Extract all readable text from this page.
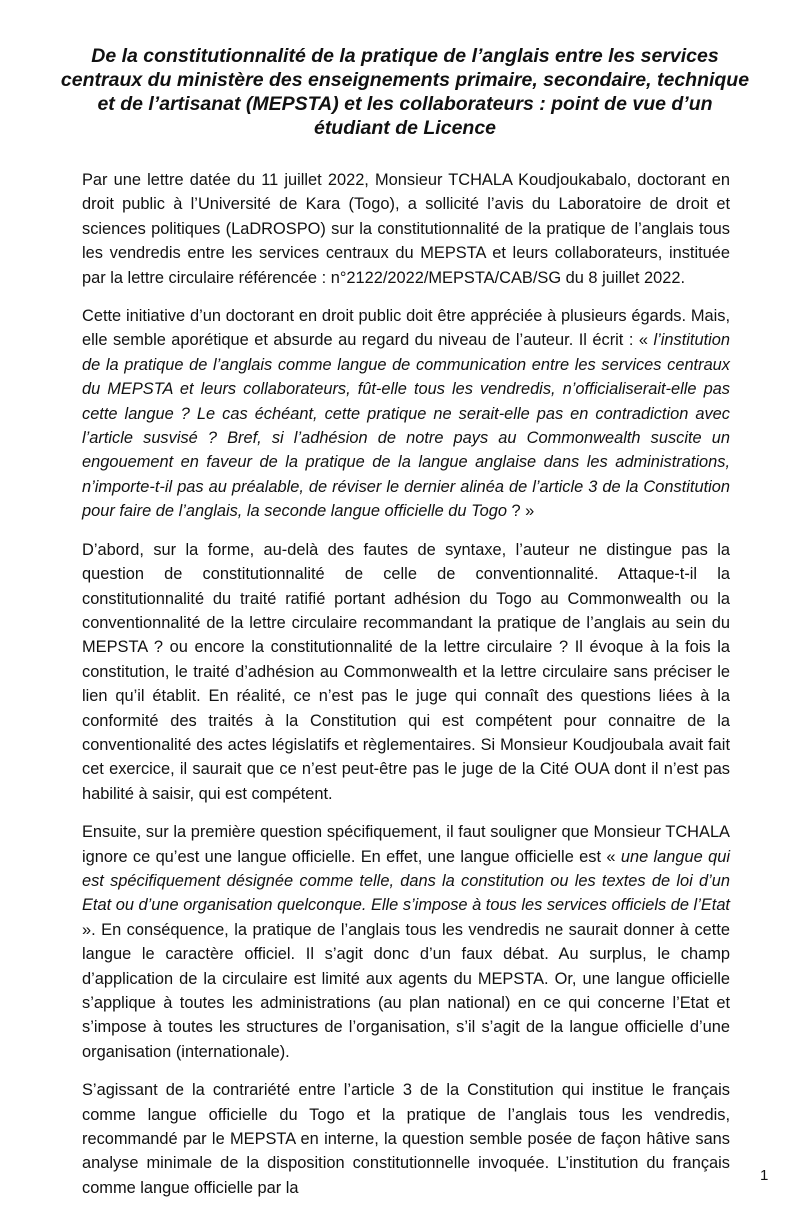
De la constitutionnalité de la pratique de l’anglais entre les services centraux du ministère des enseignements primaire, secondaire, technique et de l’artisanat (MEPSTA) et les collaborateurs : point de vue d’un étudiant de Licence

Par une lettre datée du 11 juillet 2022, Monsieur TCHALA Koudjoukabalo, doctorant en droit public à l’Université de Kara (Togo), a sollicité l’avis du Laboratoire de droit et sciences politiques (LaDROSPO) sur la constitutionnalité de la pratique de l’anglais tous les vendredis entre les services centraux du MEPSTA et leurs collaborateurs, instituée par la lettre circulaire référencée : n°2122/2022/MEPSTA/CAB/SG du 8 juillet 2022.

Cette initiative d’un doctorant en droit public doit être appréciée à plusieurs égards. Mais, elle semble aporétique et absurde au regard du niveau de l’auteur. Il écrit : « l’institution de la pratique de l’anglais comme langue de communication entre les services centraux du MEPSTA et leurs collaborateurs, fût-elle tous les vendredis, n’officialiserait-elle pas cette langue ? Le cas échéant, cette pratique ne serait-elle pas en contradiction avec l’article susvisé ? Bref, si l’adhésion de notre pays au Commonwealth suscite un engouement en faveur de la pratique de la langue anglaise dans les administrations, n’importe-t-il pas au préalable, de réviser le dernier alinéa de l’article 3 de la Constitution pour faire de l’anglais, la seconde langue officielle du Togo ? »

D’abord, sur la forme, au-delà des fautes de syntaxe, l’auteur ne distingue pas la question de constitutionnalité de celle de conventionnalité. Attaque-t-il la constitutionnalité du traité ratifié portant adhésion du Togo au Commonwealth ou la conventionnalité de la lettre circulaire recommandant la pratique de l’anglais au sein du MEPSTA ? ou encore la constitutionnalité de la lettre circulaire ? Il évoque à la fois la constitution, le traité d’adhésion au Commonwealth et la lettre circulaire sans préciser le lien qu’il établit. En réalité, ce n’est pas le juge qui connaît des questions liées à la conformité des traités à la Constitution qui est compétent pour connaitre de la conventionalité des actes législatifs et règlementaires. Si Monsieur Koudjoubala avait fait cet exercice, il saurait que ce n’est peut-être pas le juge de la Cité OUA dont il n’est pas habilité à saisir, qui est compétent.

Ensuite, sur la première question spécifiquement, il faut souligner que Monsieur TCHALA ignore ce qu’est une langue officielle. En effet, une langue officielle est « une langue qui est spécifiquement désignée comme telle, dans la constitution ou les textes de loi d’un Etat ou d’une organisation quelconque. Elle s’impose à tous les services officiels de l’Etat ». En conséquence, la pratique de l’anglais tous les vendredis ne saurait donner à cette langue le caractère officiel. Il s’agit donc d’un faux débat. Au surplus, le champ d’application de la circulaire est limité aux agents du MEPSTA. Or, une langue officielle s’applique à toutes les administrations (au plan national) en ce qui concerne l’Etat et s’impose à toutes les structures de l’organisation, s’il s’agit de la langue officielle d’une organisation (internationale).

S’agissant de la contrariété entre l’article 3 de la Constitution qui institue le français comme langue officielle du Togo et la pratique de l’anglais tous les vendredis, recommandé par le MEPSTA en interne, la question semble posée de façon hâtive sans analyse minimale de la disposition constitutionnelle invoquée. L’institution du français comme langue officielle par la

1
